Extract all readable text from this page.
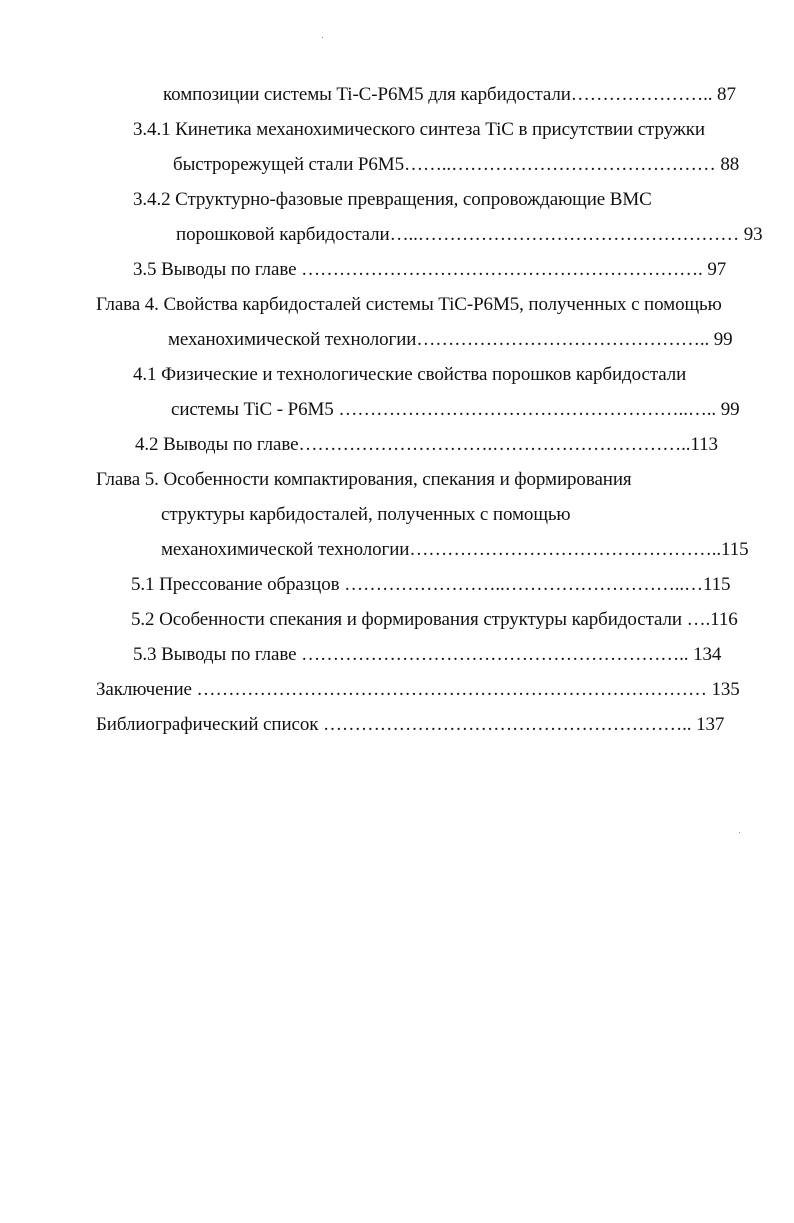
композиции системы Ti-C-P6M5 для карбидостали………………….. 87
3.4.1 Кинетика механохимического синтеза TiC в присутствии стружки
быстрорежущей стали Р6М5……..…………………………………… 88
3.4.2 Структурно-фазовые превращения, сопровождающие ВМС
порошковой карбидостали…..…………………………………………… 93
3.5 Выводы по главе ………………………………………………………. 97
Глава 4. Свойства карбидосталей системы TiC-P6M5, полученных с помощью
механохимической технологии……………………………………….. 99
4.1 Физические и технологические свойства порошков карбидостали
системы TiC - P6M5 ………………………………………………..….. 99
4.2 Выводы по главе………………………….…………………………..113
Глава 5. Особенности компактирования, спекания и формирования
структуры карбидосталей, полученных с помощью
механохимической технологии…………………………………………..115
5.1 Прессование образцов ……………………..………………………..…115
5.2 Особенности спекания и формирования структуры карбидостали ….116
5.3 Выводы по главе …………………………………………………….. 134
Заключение ……………………………………………………………………… 135
Библиографический список ………………………………………………….. 137
